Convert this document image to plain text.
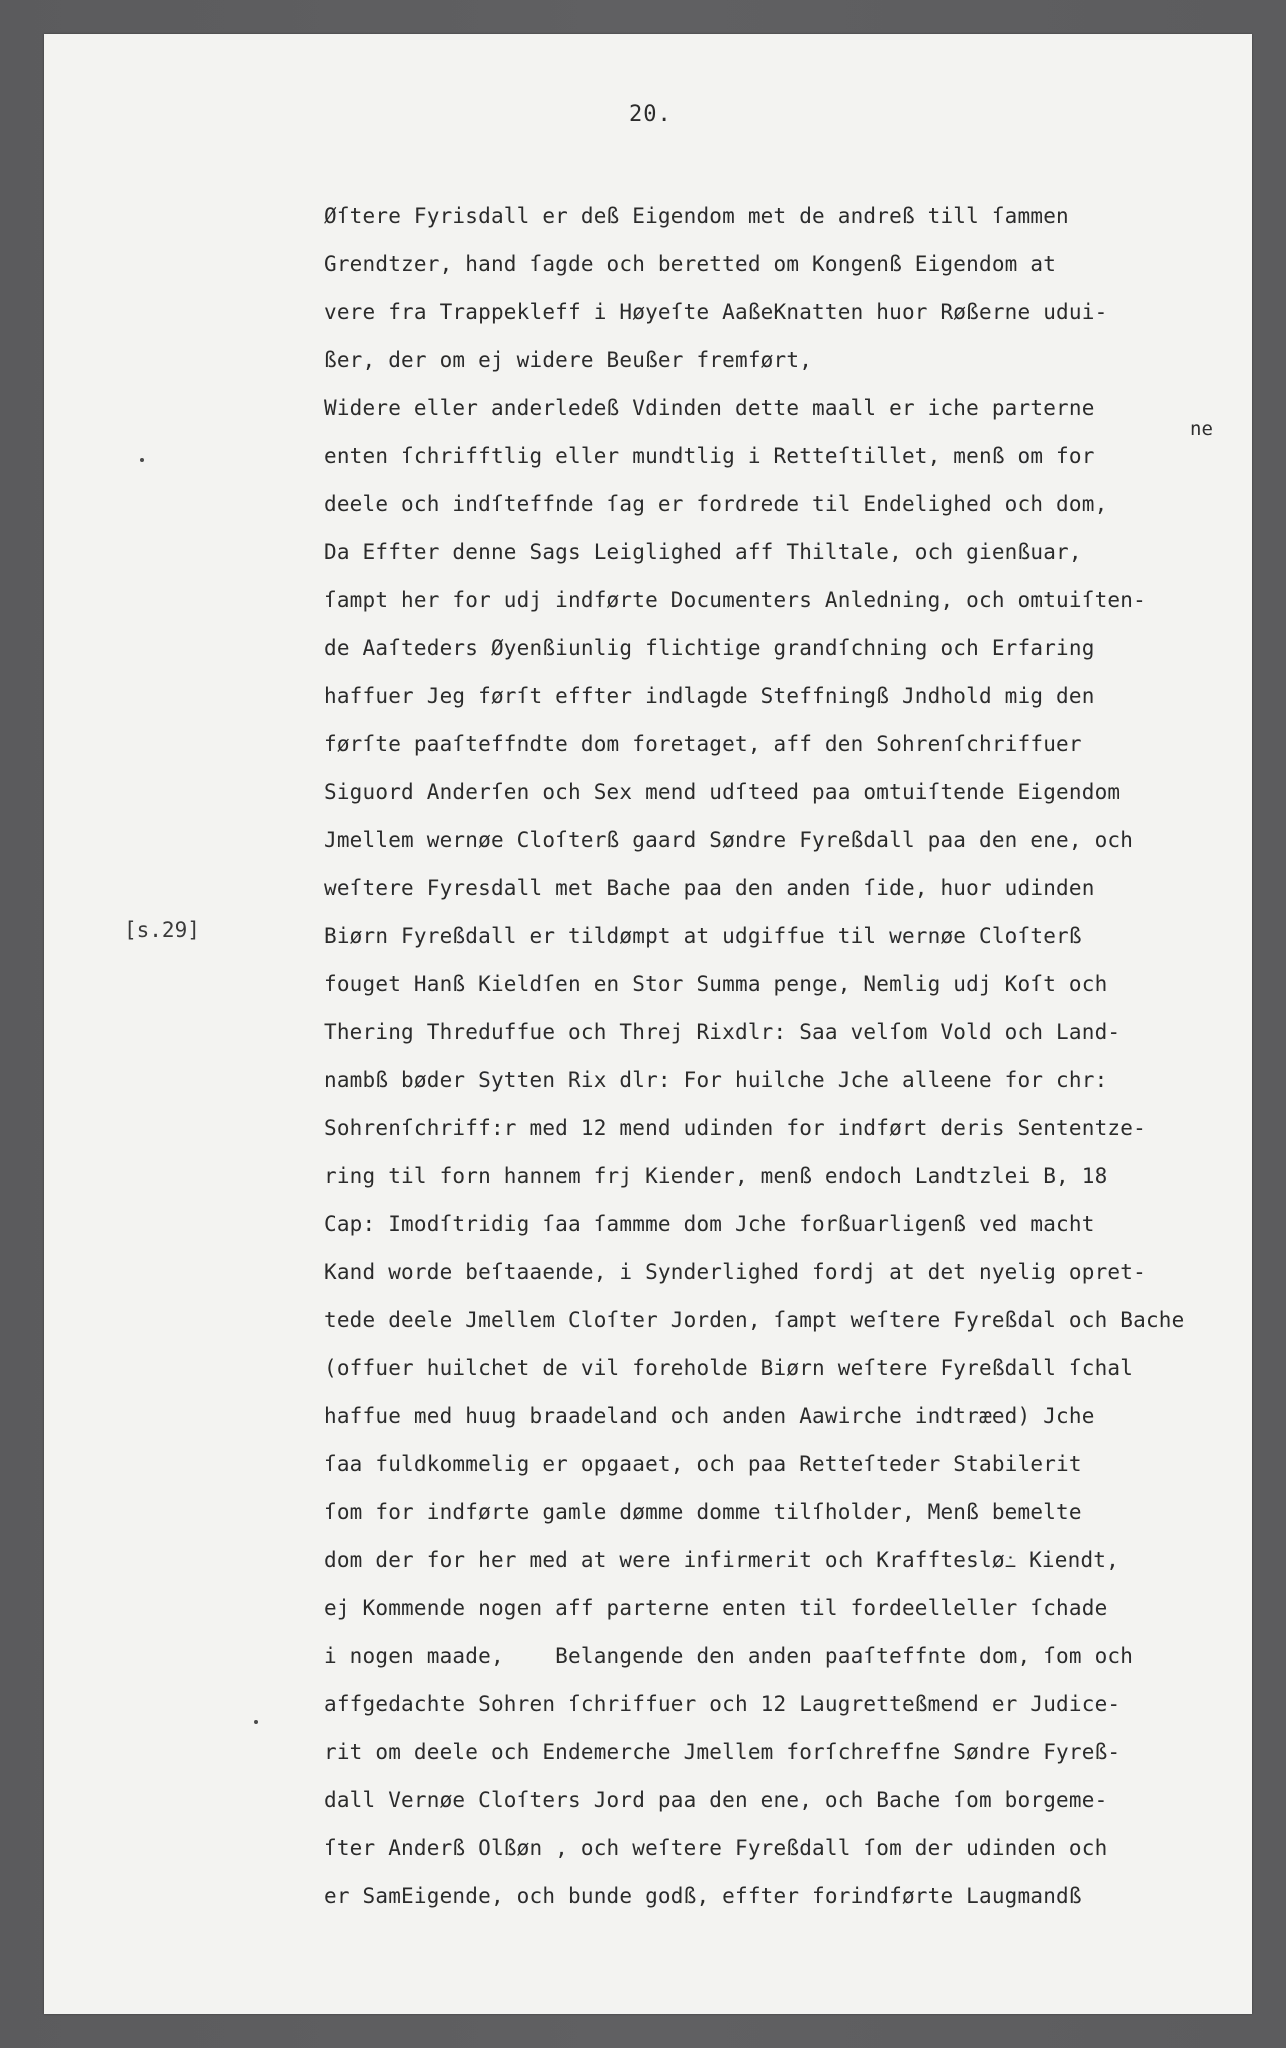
20.
[s.29]
ne
Øſtere Fyrisdall er deß Eigendom met de andreß till ſammen
Grendtzer, hand ſagde och beretted om Kongenß Eigendom at
vere fra Trappekleff i Høyeſte AaßeKnatten huor Røßerne udui-
ßer, der om ej widere Beußer fremført,
Widere eller anderledeß Vdinden dette maall er iche parterne
enten ſchrifftlig eller mundtlig i Retteſtillet, menß om for
deele och indſteffnde ſag er fordrede til Endelighed och dom,
Da Effter denne Sags Leiglighed aff Thiltale, och gienßuar,
ſampt her for udj indførte Documenters Anledning, och omtuiſten-
de Aaſteders Øyenßiunlig flichtige grandſchning och Erfaring
haffuer Jeg førſt effter indlagde Steffningß Jndhold mig den
førſte paaſteffndte dom foretaget, aff den Sohrenſchriffuer
Siguord Anderſen och Sex mend udſteed paa omtuiſtende Eigendom
Jmellem wernøe Cloſterß gaard Søndre Fyreßdall paa den ene, och
weſtere Fyresdall met Bache paa den anden ſide, huor udinden
Biørn Fyreßdall er tildømpt at udgiffue til wernøe Cloſterß
fouget Hanß Kieldſen en Stor Summa penge, Nemlig udj Koſt och
Thering Threduffue och Threj Rixdlr: Saa velſom Vold och Land-
nambß bøder Sytten Rix dlr: For huilche Jche alleene for chr:
Sohrenſchriff:r med 12 mend udinden for indført deris Sententze-
ring til forn hannem frj Kiender, menß endoch Landtzlei B, 18
Cap: Imodſtridig ſaa ſammme dom Jche forßuarligenß ved macht
Kand worde beſtaaende, i Synderlighed fordj at det nyelig opret-
tede deele Jmellem Cloſter Jorden, ſampt weſtere Fyreßdal och Bache
(offuer huilchet de vil foreholde Biørn weſtere Fyreßdall ſchal
haffue med huug braadeland och anden Aawirche indtræed) Jche
ſaa fuldkommelig er opgaaet, och paa Retteſteder Stabilerit
ſom for indførte gamle dømme domme tilſholder, Menß bemelte
dom der for her med at were infirmerit och Kraffteslø߸ Kiendt,
ej Kommende nogen aff parterne enten til fordeelleller ſchade
i nogen maade,    Belangende den anden paaſteffnte dom, ſom och
affgedachte Sohren ſchriffuer och 12 Laugretteßmend er Judice-
rit om deele och Endemerche Jmellem forſchreffne Søndre Fyreß-
dall Vernøe Cloſters Jord paa den ene, och Bache ſom borgeme-
ſter Anderß Olßøn , och weſtere Fyreßdall ſom der udinden och
er SamEigende, och bunde godß, effter forindførte Laugmandß
